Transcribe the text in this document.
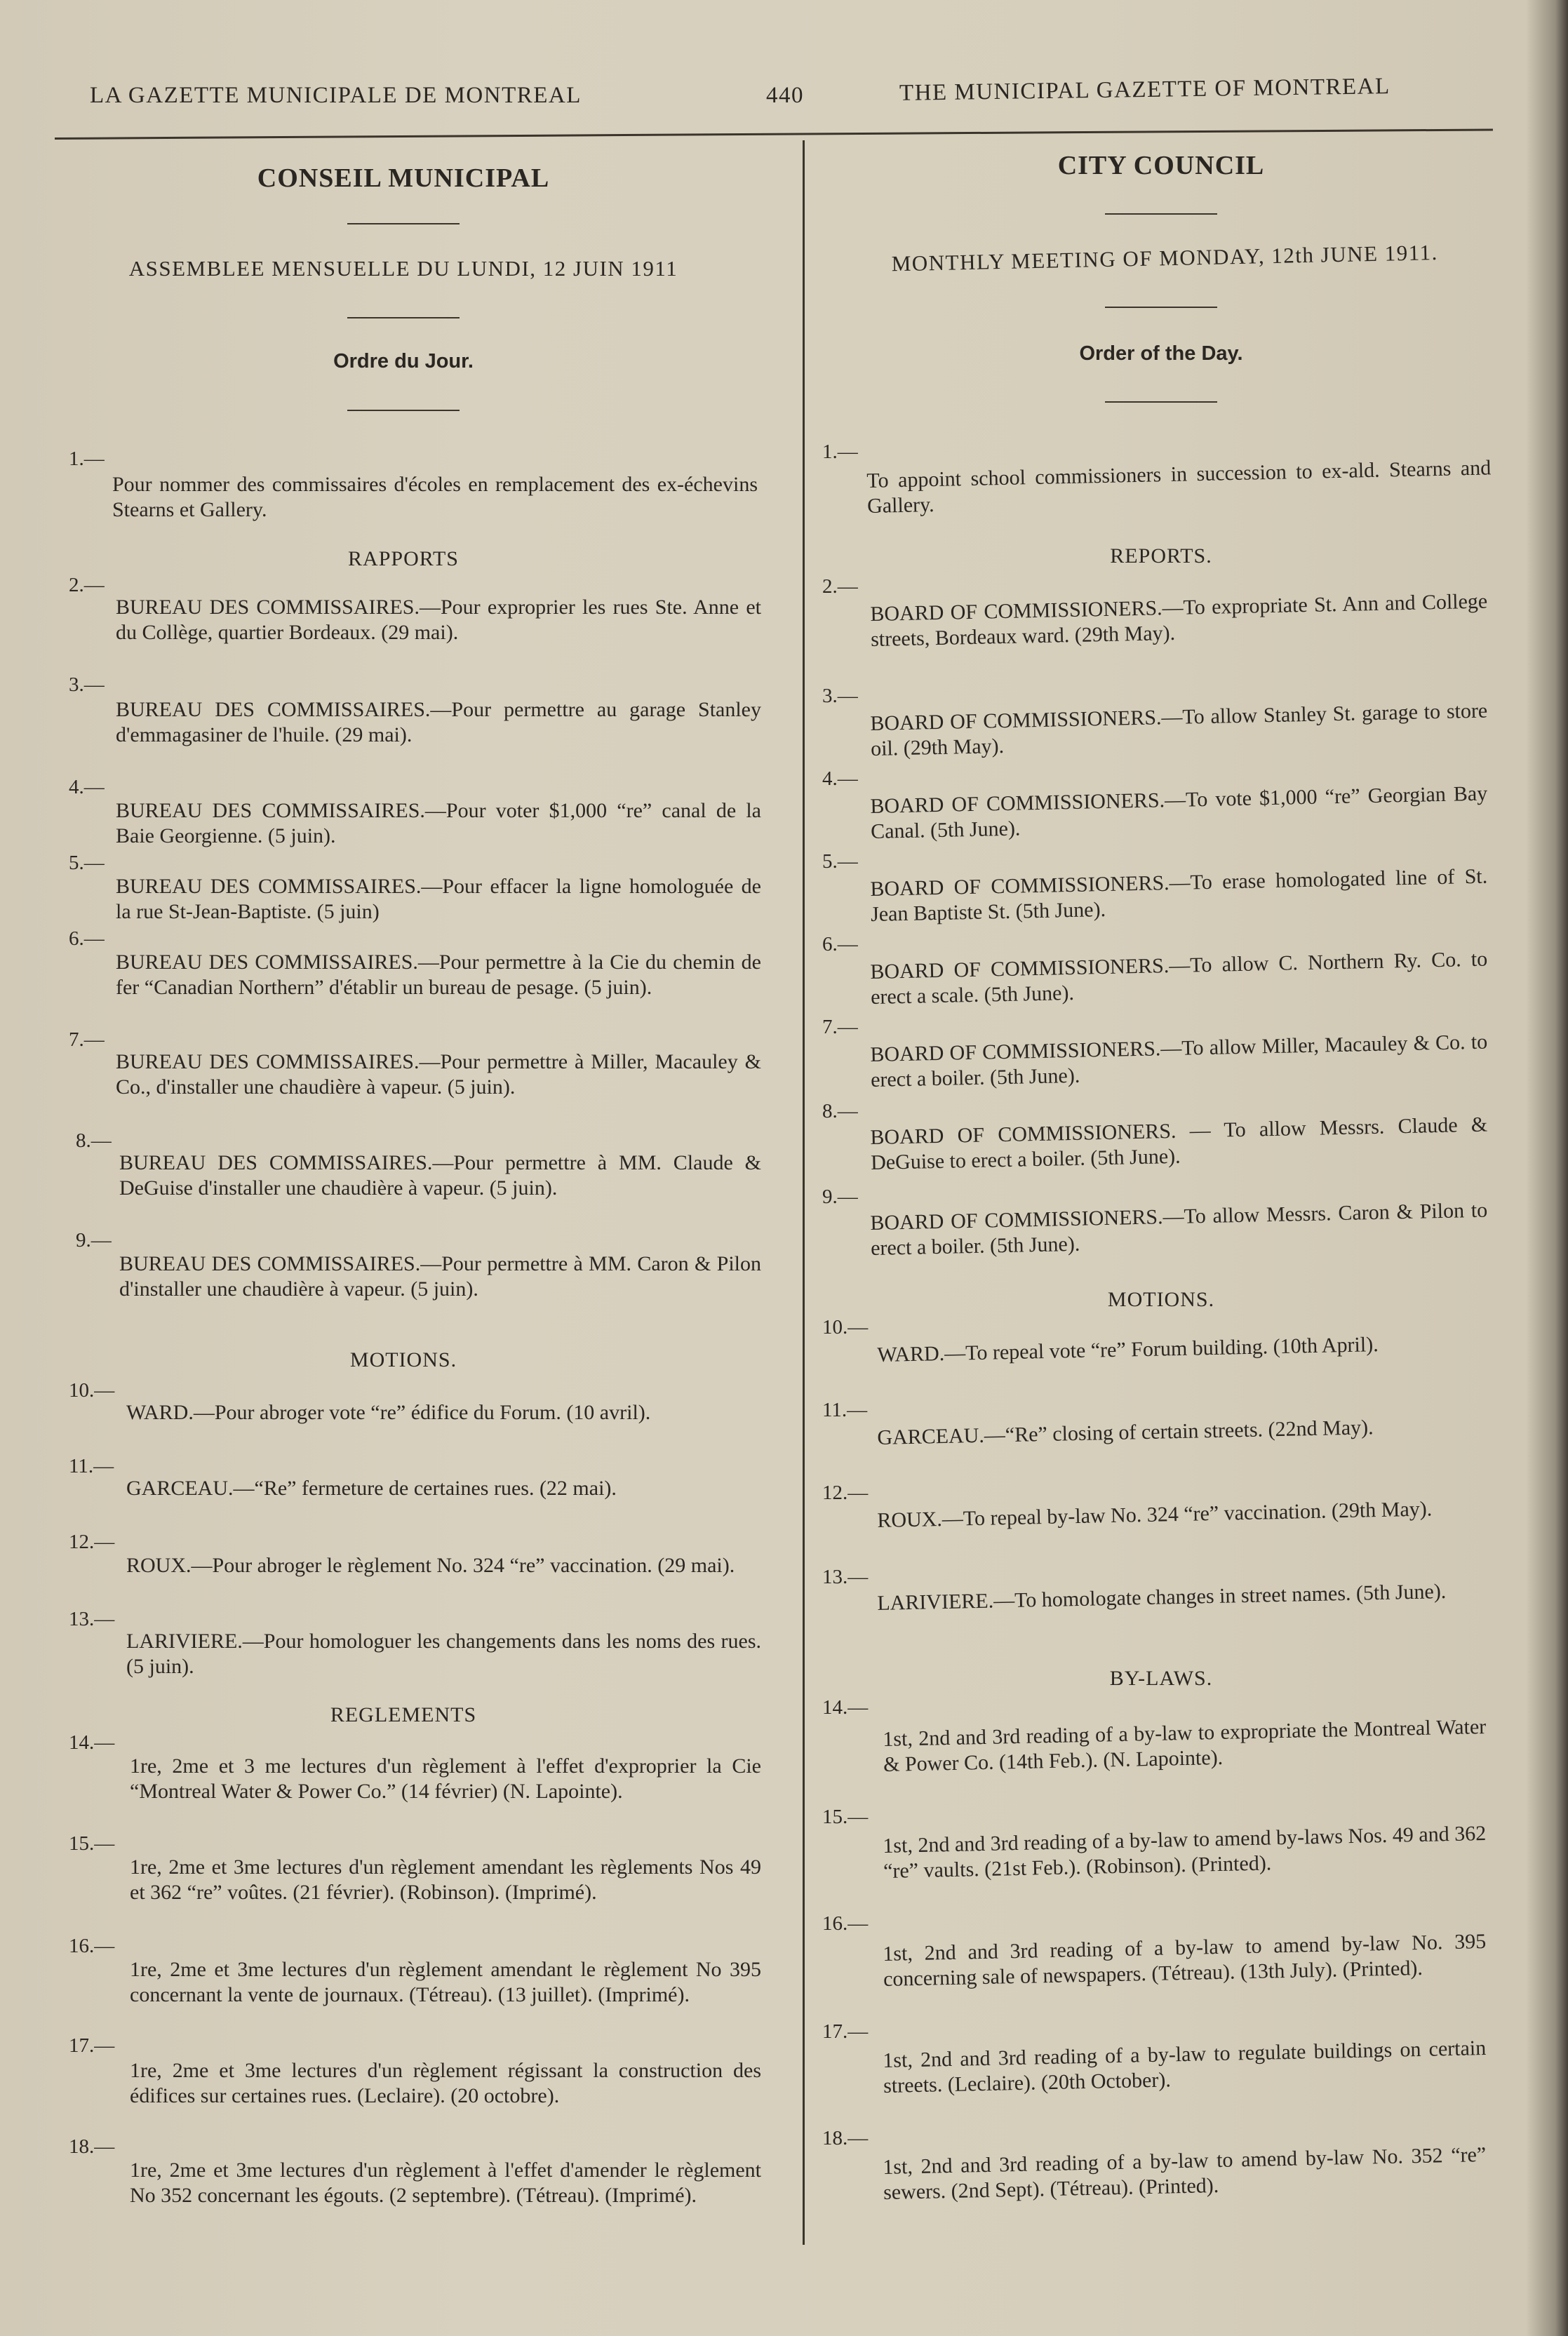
LA GAZETTE MUNICIPALE DE MONTREAL	440	THE MUNICIPAL GAZETTE OF MONTREAL
CONSEIL MUNICIPAL
ASSEMBLEE MENSUELLE DU LUNDI, 12 JUIN 1911
Ordre du Jour.
1.—
Pour nommer des commissaires d'écoles en remplacement des ex-échevins Stearns et Gallery.
RAPPORTS
2.—
BUREAU DES COMMISSAIRES.—Pour exproprier les rues Ste. Anne et du Collège, quartier Bordeaux. (29 mai).
3.—
BUREAU DES COMMISSAIRES.—Pour permettre au garage Stanley d'emmagasiner de l'huile. (29 mai).
4.—
BUREAU DES COMMISSAIRES.—Pour voter $1,000 “re” canal de la Baie Georgienne. (5 juin).
5.—
BUREAU DES COMMISSAIRES.—Pour effacer la ligne homologuée de la rue St-Jean-Baptiste. (5 juin)
6.—
BUREAU DES COMMISSAIRES.—Pour permettre à la Cie du chemin de fer “Canadian Northern” d'établir un bureau de pesage. (5 juin).
7.—
BUREAU DES COMMISSAIRES.—Pour permettre à Miller, Macauley & Co., d'installer une chaudière à vapeur. (5 juin).
8.—
BUREAU DES COMMISSAIRES.—Pour permettre à MM. Claude & DeGuise d'installer une chaudière à vapeur. (5 juin).
9.—
BUREAU DES COMMISSAIRES.—Pour permettre à MM. Caron & Pilon d'installer une chaudière à vapeur. (5 juin).
MOTIONS.
10.—
WARD.—Pour abroger vote “re” édifice du Forum. (10 avril).
11.—
GARCEAU.—“Re” fermeture de certaines rues. (22 mai).
12.—
ROUX.—Pour abroger le règlement No. 324 “re” vaccination. (29 mai).
13.—
LARIVIERE.—Pour homologuer les changements dans les noms des rues. (5 juin).
REGLEMENTS
14.—
1re, 2me et 3 me lectures d'un règlement à l'effet d'exproprier la Cie “Montreal Water & Power Co.” (14 février) (N. Lapointe).
15.—
1re, 2me et 3me lectures d'un règlement amendant les règlements Nos 49 et 362 “re” voûtes. (21 février). (Robinson). (Imprimé).
16.—
1re, 2me et 3me lectures d'un règlement amendant le règlement No 395 concernant la vente de journaux. (Tétreau). (13 juillet). (Imprimé).
17.—
1re, 2me et 3me lectures d'un règlement régissant la construction des édifices sur certaines rues. (Leclaire). (20 octobre).
18.—
1re, 2me et 3me lectures d'un règlement à l'effet d'amender le règlement No 352 concernant les égouts. (2 septembre). (Tétreau). (Imprimé).
CITY COUNCIL
MONTHLY MEETING OF MONDAY, 12th JUNE 1911.
Order of the Day.
1.—
To appoint school commissioners in succession to ex-ald. Stearns and Gallery.
REPORTS.
2.—
BOARD OF COMMISSIONERS.—To expropriate St. Ann and College streets, Bordeaux ward. (29th May).
3.—
BOARD OF COMMISSIONERS.—To allow Stanley St. garage to store oil. (29th May).
4.—
BOARD OF COMMISSIONERS.—To vote $1,000 “re” Georgian Bay Canal. (5th June).
5.—
BOARD OF COMMISSIONERS.—To erase homologated line of St. Jean Baptiste St. (5th June).
6.—
BOARD OF COMMISSIONERS.—To allow C. Northern Ry. Co. to erect a scale. (5th June).
7.—
BOARD OF COMMISSIONERS.—To allow Miller, Macauley & Co. to erect a boiler. (5th June).
8.—
BOARD OF COMMISSIONERS. — To allow Messrs. Claude & DeGuise to erect a boiler. (5th June).
9.—
BOARD OF COMMISSIONERS.—To allow Messrs. Caron & Pilon to erect a boiler. (5th June).
MOTIONS.
10.—
WARD.—To repeal vote “re” Forum building. (10th April).
11.—
GARCEAU.—“Re” closing of certain streets. (22nd May).
12.—
ROUX.—To repeal by-law No. 324 “re” vaccination. (29th May).
13.—
LARIVIERE.—To homologate changes in street names. (5th June).
BY-LAWS.
14.—
1st, 2nd and 3rd reading of a by-law to expropriate the Montreal Water & Power Co. (14th Feb.). (N. Lapointe).
15.—
1st, 2nd and 3rd reading of a by-law to amend by-laws Nos. 49 and 362 “re” vaults. (21st Feb.). (Robinson). (Printed).
16.—
1st, 2nd and 3rd reading of a by-law to amend by-law No. 395 concerning sale of newspapers. (Tétreau). (13th July). (Printed).
17.—
1st, 2nd and 3rd reading of a by-law to regulate buildings on certain streets. (Leclaire). (20th October).
18.—
1st, 2nd and 3rd reading of a by-law to amend by-law No. 352 “re” sewers. (2nd Sept). (Tétreau). (Printed).
